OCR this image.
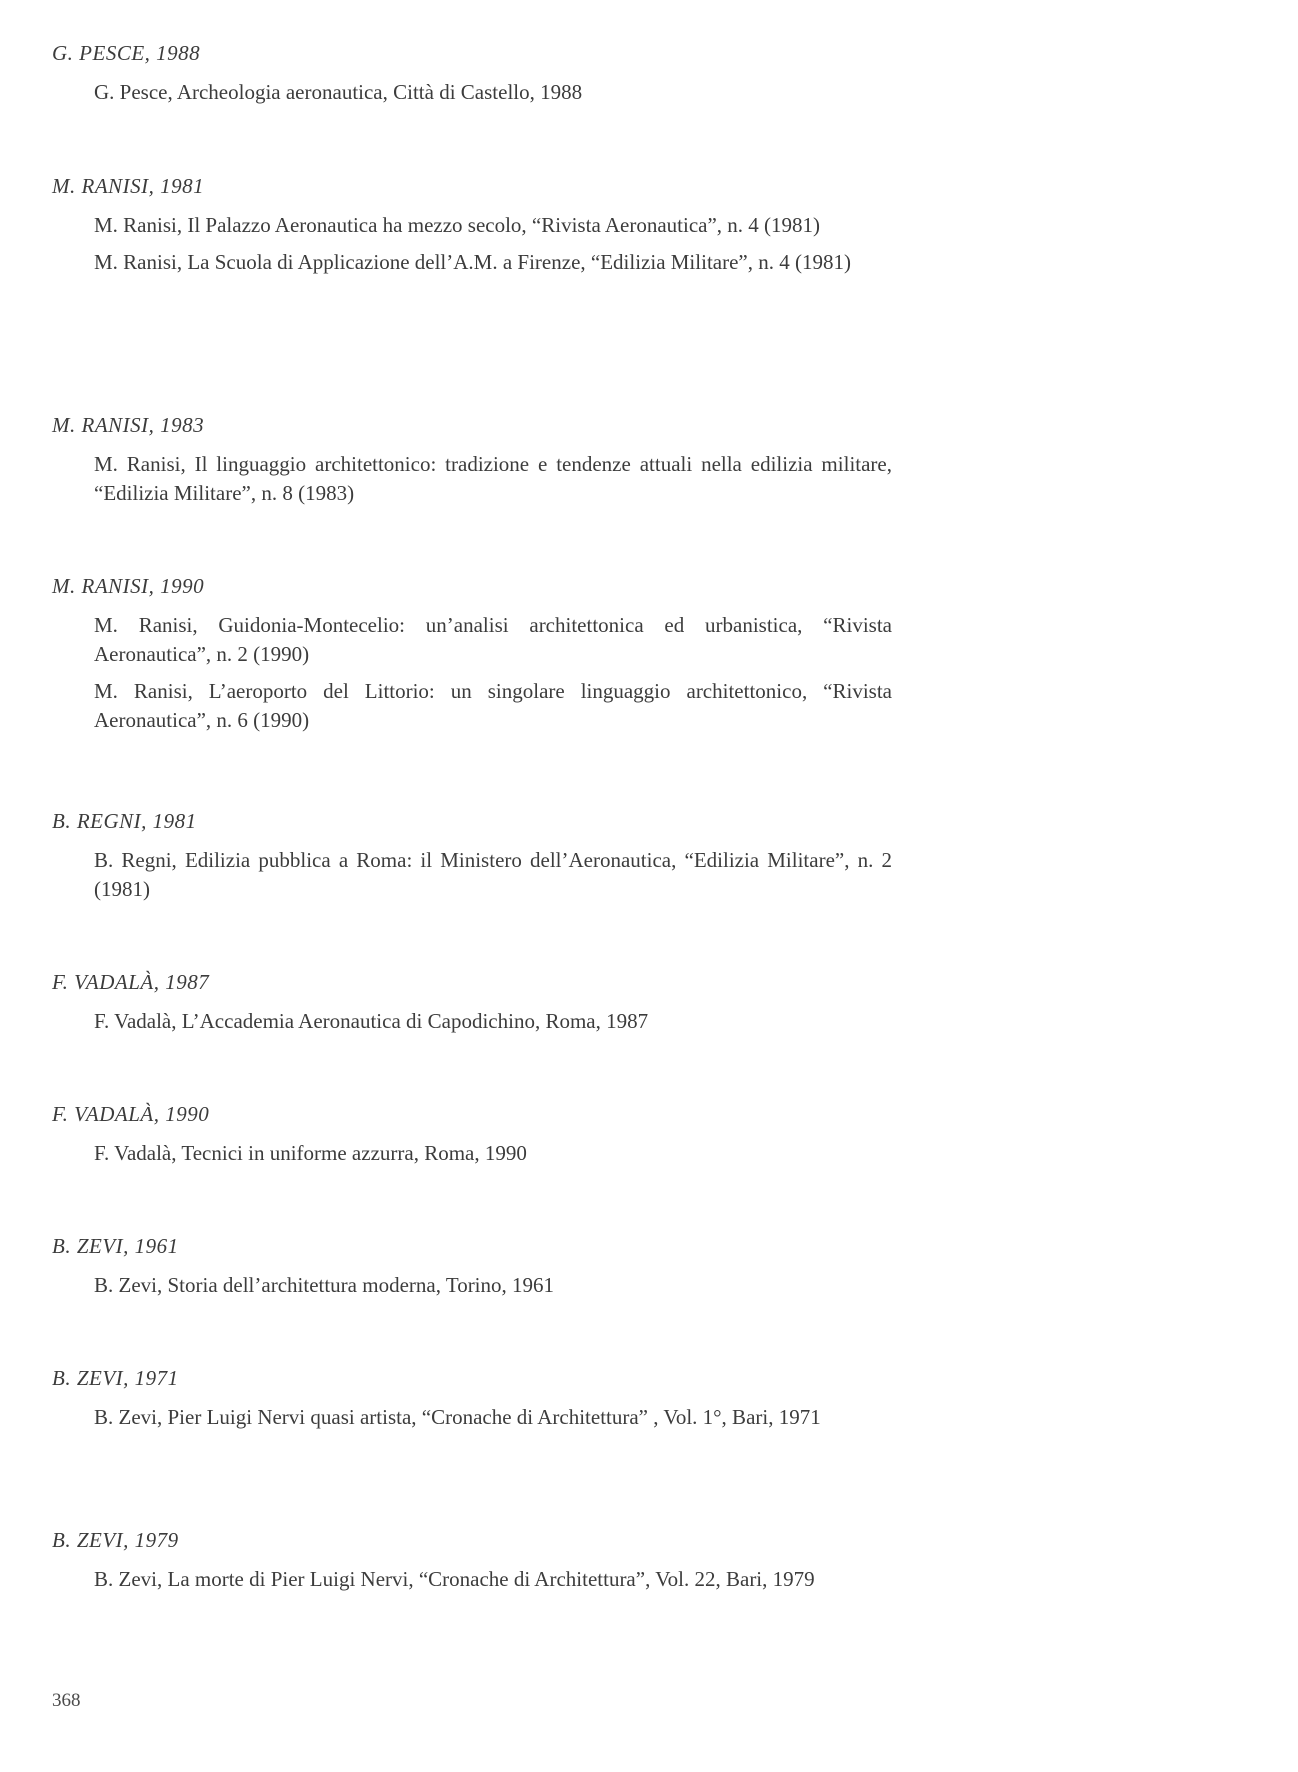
G. PESCE, 1988
G. Pesce, Archeologia aeronautica, Città di Castello, 1988
M. RANISI, 1981
M. Ranisi, Il Palazzo Aeronautica ha mezzo secolo, “Rivista Aeronautica”, n. 4 (1981)
M. Ranisi, La Scuola di Applicazione dell’A.M. a Firenze, “Edilizia Militare”, n. 4 (1981)
M. RANISI, 1983
M. Ranisi, Il linguaggio architettonico: tradizione e tendenze attuali nella edilizia militare, “Edilizia Militare”, n. 8 (1983)
M. RANISI, 1990
M. Ranisi, Guidonia-Montecelio: un’analisi architettonica ed urbanistica, “Rivista Aeronautica”, n. 2 (1990)
M. Ranisi, L’aeroporto del Littorio: un singolare linguaggio architettonico, “Rivista Aeronautica”, n. 6 (1990)
B. REGNI, 1981
B. Regni, Edilizia pubblica a Roma: il Ministero dell’Aeronautica, “Edilizia Militare”, n. 2 (1981)
F. VADALÀ, 1987
F. Vadalà, L’Accademia Aeronautica di Capodichino, Roma, 1987
F. VADALÀ, 1990
F. Vadalà, Tecnici in uniforme azzurra, Roma, 1990
B. ZEVI, 1961
B. Zevi, Storia dell’architettura moderna, Torino, 1961
B. ZEVI, 1971
B. Zevi, Pier Luigi Nervi quasi artista, “Cronache di Architettura” , Vol. 1°, Bari, 1971
B. ZEVI, 1979
B. Zevi, La morte di Pier Luigi Nervi, “Cronache di Architettura”, Vol. 22, Bari, 1979
368
